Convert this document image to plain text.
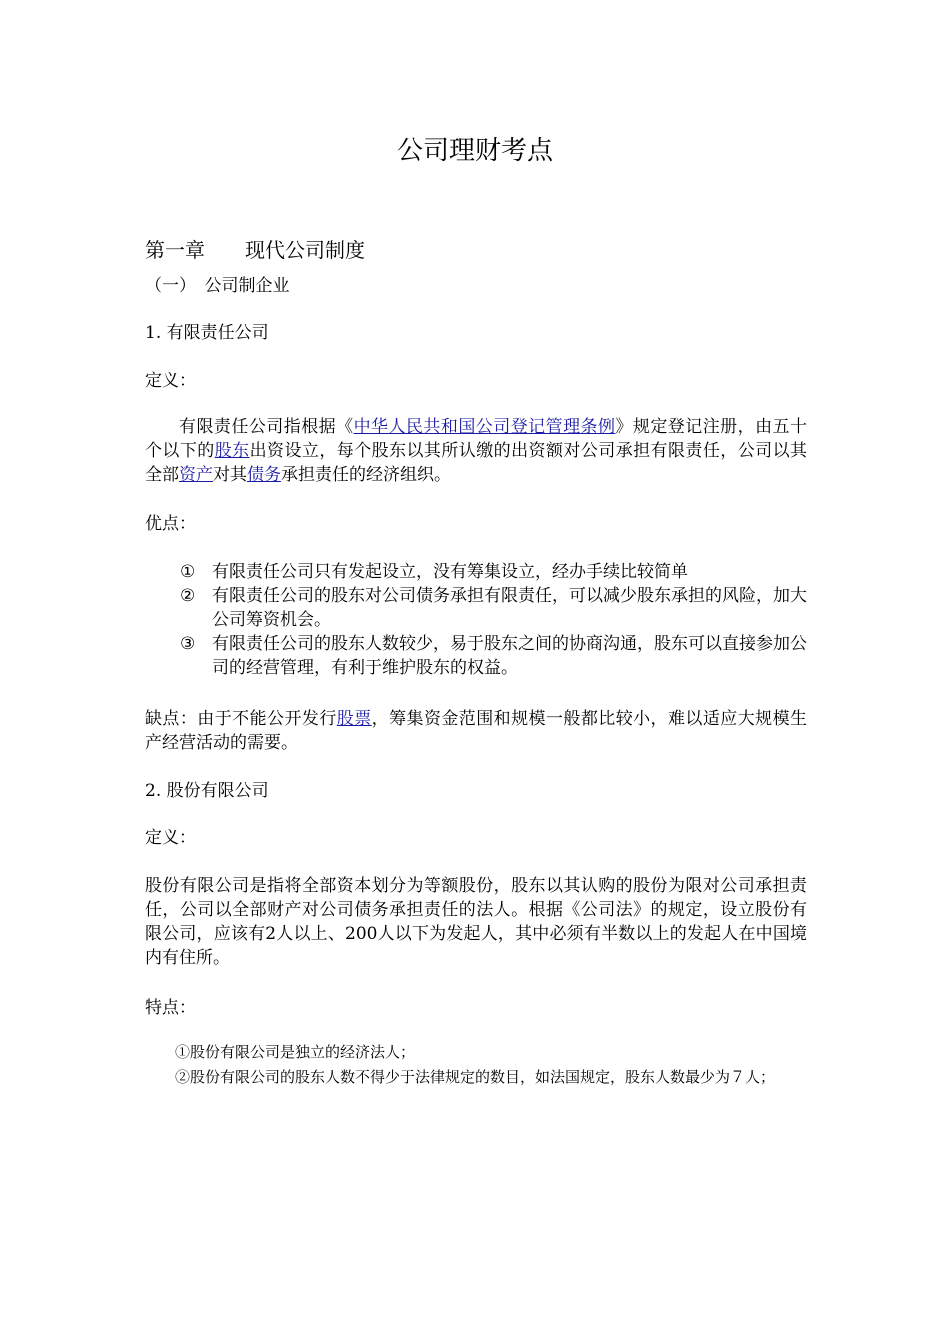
公司理财考点
第一章　　现代公司制度
（一）　公司制企业
1. 有限责任公司
定义：
有限责任公司指根据《中华人民共和国公司登记管理条例》规定登记注册，由五十个以下的股东出资设立，每个股东以其所认缴的出资额对公司承担有限责任，公司以其全部资产对其债务承担责任的经济组织。
优点：
① 有限责任公司只有发起设立，没有筹集设立，经办手续比较简单
② 有限责任公司的股东对公司债务承担有限责任，可以减少股东承担的风险，加大公司筹资机会。
③ 有限责任公司的股东人数较少，易于股东之间的协商沟通，股东可以直接参加公司的经营管理，有利于维护股东的权益。
缺点：由于不能公开发行股票，筹集资金范围和规模一般都比较小，难以适应大规模生产经营活动的需要。
2. 股份有限公司
定义：
股份有限公司是指将全部资本划分为等额股份，股东以其认购的股份为限对公司承担责任，公司以全部财产对公司债务承担责任的法人。根据《公司法》的规定，设立股份有限公司，应该有2人以上、200人以下为发起人，其中必须有半数以上的发起人在中国境内有住所。
特点：
①股份有限公司是独立的经济法人；
②股份有限公司的股东人数不得少于法律规定的数目，如法国规定，股东人数最少为７人；
